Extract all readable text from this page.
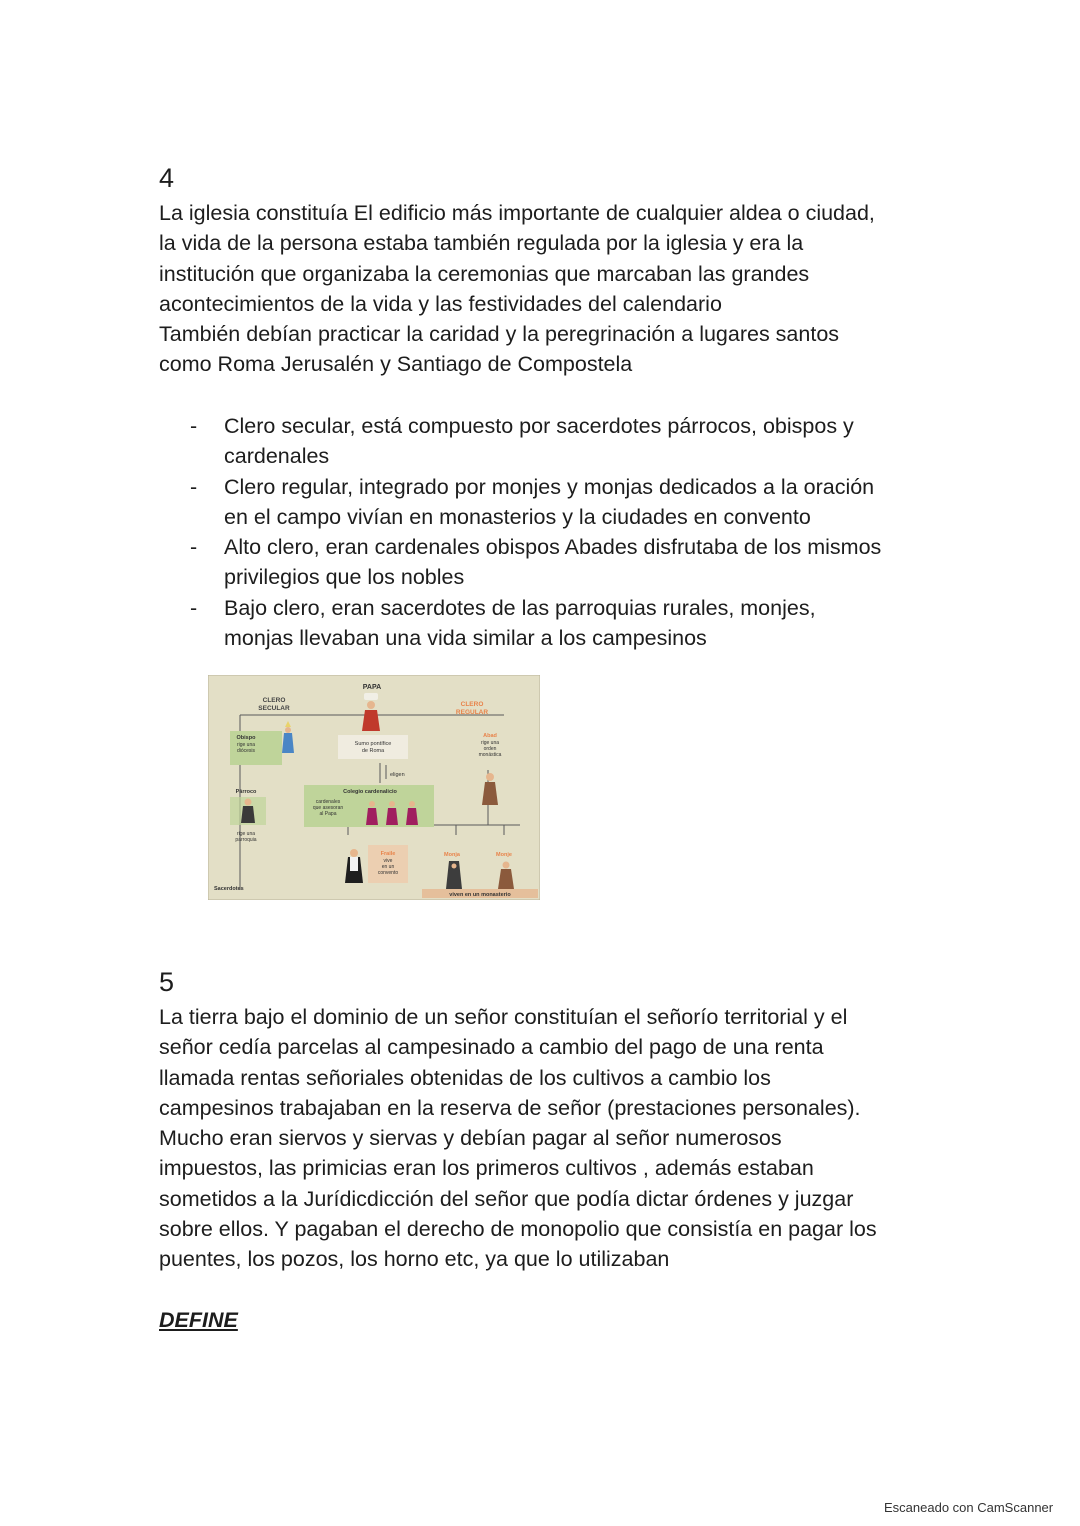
4

La iglesia constituía El edificio más importante de cualquier aldea o ciudad,
la vida de la persona estaba también regulada por la iglesia y era la
institución que organizaba la ceremonias que marcaban las grandes
acontecimientos de la vida y las festividades del calendario
También debían practicar la caridad y la peregrinación a lugares santos
como Roma Jerusalén y Santiago de Compostela

- Clero secular, está compuesto por sacerdotes párrocos, obispos y
cardenales
- Clero regular, integrado por monjes y monjas dedicados a la oración
en el campo vivían en monasterios y la ciudades en convento
- Alto clero, eran cardenales obispos Abades disfrutaba de los mismos
privilegios que los nobles
- Bajo clero, eran sacerdotes de las parroquias rurales, monjes,
monjas llevaban una vida similar a los campesinos
PAPA
CLERO
SECULAR
CLERO
REGULAR
Obispo
rige una
diócesis
Sumo pontífice
de Roma
Abad
rige una
orden
monástica
eligen
Párroco
rige una
parroquia
Colegio cardenalicio
cardenales
que asesoran
al Papa
Fraile
vive
en un
convento
Monja	Monje
Sacerdotes
viven en un monasterio
5

La tierra bajo el dominio de un señor constituían el señorío territorial y el
señor cedía parcelas al campesinado a cambio del pago de una renta
llamada rentas señoriales obtenidas de los cultivos a cambio los
campesinos trabajaban en la reserva de señor (prestaciones personales).
Mucho eran siervos y siervas y debían pagar al señor numerosos
impuestos, las primicias eran los primeros cultivos , además estaban
sometidos a la Jurídicdicción del señor que podía dictar órdenes y juzgar
sobre ellos. Y pagaban el derecho de monopolio que consistía en pagar los
puentes, los pozos, los horno etc, ya que lo utilizaban

DEFINE
Escaneado con CamScanner
